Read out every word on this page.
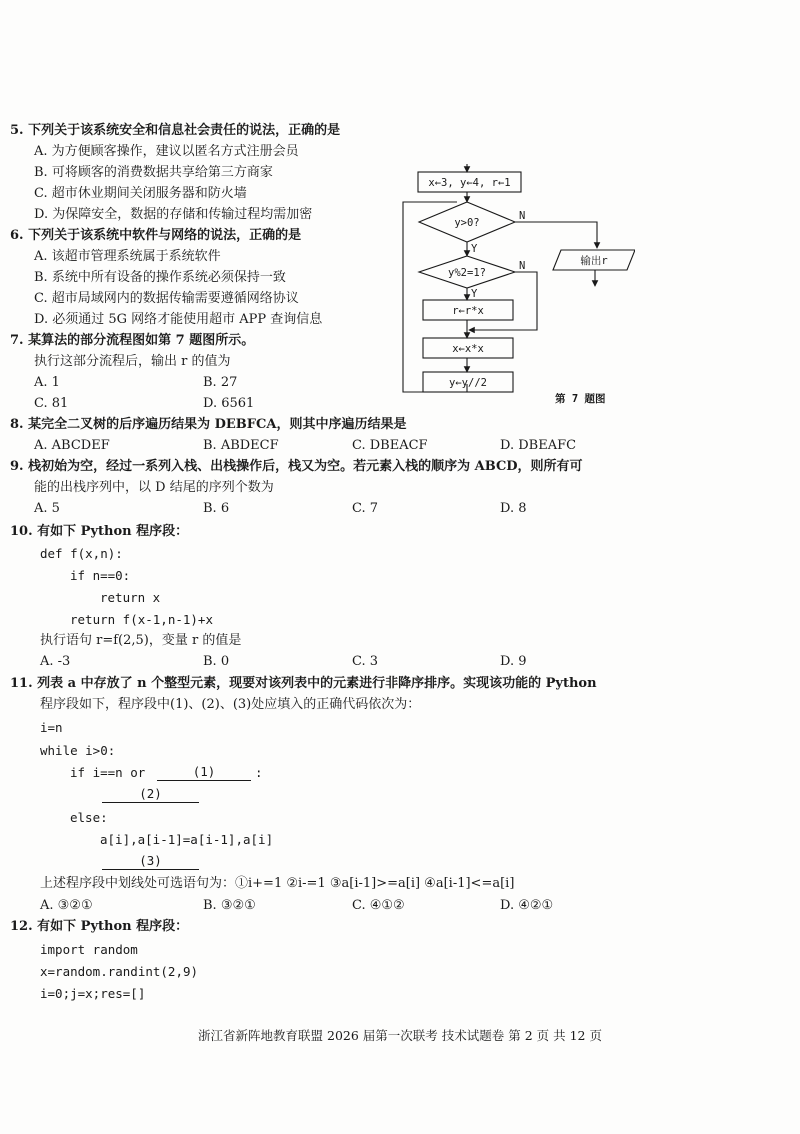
5. 下列关于该系统安全和信息社会责任的说法，正确的是
A. 为方便顾客操作，建议以匿名方式注册会员
B. 可将顾客的消费数据共享给第三方商家
C. 超市休业期间关闭服务器和防火墙
D. 为保障安全，数据的存储和传输过程均需加密
6. 下列关于该系统中软件与网络的说法，正确的是
A. 该超市管理系统属于系统软件
B. 系统中所有设备的操作系统必须保持一致
C. 超市局域网内的数据传输需要遵循网络协议
D. 必须通过 5G 网络才能使用超市 APP 查询信息
7. 某算法的部分流程图如第 7 题图所示。
执行这部分流程后，输出 r 的值为
A. 1	B. 27
C. 81	D. 6561
x←3, y←4, r←1
y>0?
Y
N
输出r
y%2=1?
Y
N
r←r*x
x←x*x
y←y//2
第 7 题图
8. 某完全二叉树的后序遍历结果为 DEBFCA，则其中序遍历结果是
A. ABCDEF	B. ABDECF	C. DBEACF	D. DBEAFC
9. 栈初始为空，经过一系列入栈、出栈操作后，栈又为空。若元素入栈的顺序为 ABCD，则所有可
能的出栈序列中，以 D 结尾的序列个数为
A. 5	B. 6	C. 7	D. 8
10. 有如下 Python 程序段：
def f(x,n):
if n==0:
return x
return f(x-1,n-1)+x
执行语句 r=f(2,5)，变量 r 的值是
A. -3	B. 0	C. 3	D. 9
11. 列表 a 中存放了 n 个整型元素，现要对该列表中的元素进行非降序排序。实现该功能的 Python
程序段如下，程序段中(1)、(2)、(3)处应填入的正确代码依次为：
i=n
while i>0:
if i==n or	(1)	:
(2)
else:
a[i],a[i-1]=a[i-1],a[i]
(3)
上述程序段中划线处可选语句为：①i+=1 ②i-=1 ③a[i-1]>=a[i] ④a[i-1]<=a[i]
A. ③②①	B. ③②①	C. ④①②	D. ④②①
12. 有如下 Python 程序段：
import random
x=random.randint(2,9)
i=0;j=x;res=[]
浙江省新阵地教育联盟 2026 届第一次联考 技术试题卷 第 2 页 共 12 页
